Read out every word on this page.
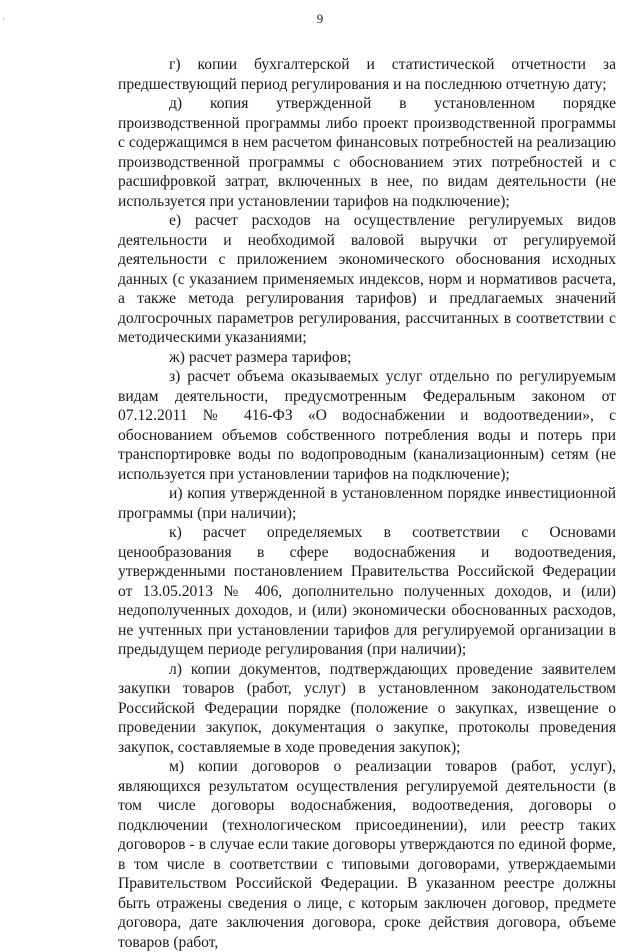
·	9

г) копии бухгалтерской и статистической отчетности за предшествующий период регулирования и на последнюю отчетную дату;

д) копия утвержденной в установленном порядке производственной программы либо проект производственной программы с содержащимся в нем расчетом финансовых потребностей на реализацию производственной программы с обоснованием этих потребностей и с расшифровкой затрат, включенных в нее, по видам деятельности (не используется при установлении тарифов на подключение);

е) расчет расходов на осуществление регулируемых видов деятельности и необходимой валовой выручки от регулируемой деятельности с приложением экономического обоснования исходных данных (с указанием применяемых индексов, норм и нормативов расчета, а также метода регулирования тарифов) и предлагаемых значений долгосрочных параметров регулирования, рассчитанных в соответствии с методическими указаниями;

ж) расчет размера тарифов;

з) расчет объема оказываемых услуг отдельно по регулируемым видам деятельности, предусмотренным Федеральным законом от 07.12.2011 № 416-ФЗ «О водоснабжении и водоотведении», с обоснованием объемов собственного потребления воды и потерь при транспортировке воды по водопроводным (канализационным) сетям (не используется при установлении тарифов на подключение);

и) копия утвержденной в установленном порядке инвестиционной программы (при наличии);

к) расчет определяемых в соответствии с Основами ценообразования в сфере водоснабжения и водоотведения, утвержденными постановлением Правительства Российской Федерации от 13.05.2013 № 406, дополнительно полученных доходов, и (или) недополученных доходов, и (или) экономически обоснованных расходов, не учтенных при установлении тарифов для регулируемой организации в предыдущем периоде регулирования (при наличии);

л) копии документов, подтверждающих проведение заявителем закупки товаров (работ, услуг) в установленном законодательством Российской Федерации порядке (положение о закупках, извещение о проведении закупок, документация о закупке, протоколы проведения закупок, составляемые в ходе проведения закупок);

м) копии договоров о реализации товаров (работ, услуг), являющихся результатом осуществления регулируемой деятельности (в том числе договоры водоснабжения, водоотведения, договоры о подключении (технологическом присоединении), или реестр таких договоров - в случае если такие договоры утверждаются по единой форме, в том числе в соответствии с типовыми договорами, утверждаемыми Правительством Российской Федерации. В указанном реестре должны быть отражены сведения о лице, с которым заключен договор, предмете договора, дате заключения договора, сроке действия договора, объеме товаров (работ,
